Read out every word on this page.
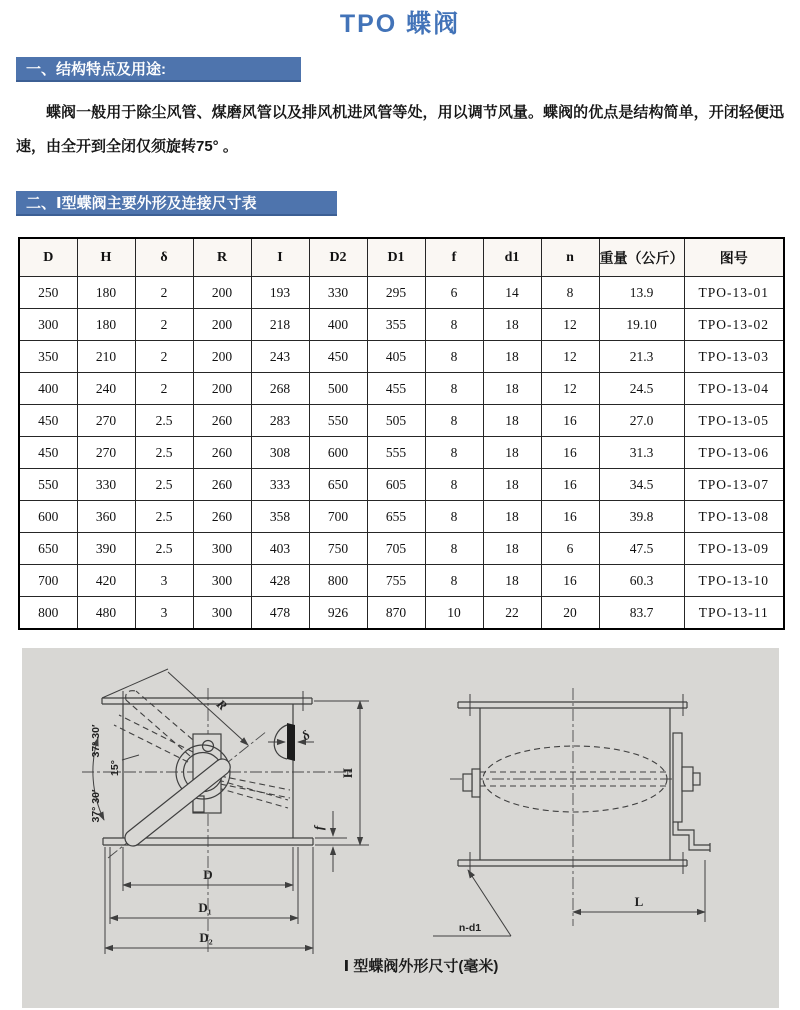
TPO 蝶阀
一、结构特点及用途:

蝶阀一般用于除尘风管、煤磨风管以及排风机进风管等处，用以调节风量。蝶阀的优点是结构简单，开闭轻便迅速，由全开到全闭仅须旋转75° 。

二、Ⅰ型蝶阀主要外形及连接尺寸表
D	H	δ	R	I	D2	D1	f	d1	n	重量（公斤）	图号
250	180	2	200	193	330	295	6	14	8	13.9	TPO-13-01
300	180	2	200	218	400	355	8	18	12	19.10	TPO-13-02
350	210	2	200	243	450	405	8	18	12	21.3	TPO-13-03
400	240	2	200	268	500	455	8	18	12	24.5	TPO-13-04
450	270	2.5	260	283	550	505	8	18	16	27.0	TPO-13-05
450	270	2.5	260	308	600	555	8	18	16	31.3	TPO-13-06
550	330	2.5	260	333	650	605	8	18	16	34.5	TPO-13-07
600	360	2.5	260	358	700	655	8	18	16	39.8	TPO-13-08
650	390	2.5	300	403	750	705	8	18	6	47.5	TPO-13-09
700	420	3	300	428	800	755	8	18	16	60.3	TPO-13-10
800	480	3	300	478	926	870	10	22	20	83.7	TPO-13-11
37° 30′
15°
37° 30′
R
δ
H
f
D
D₁
D₂
n-d1
L
Ⅰ 型蝶阀外形尺寸(毫米)
